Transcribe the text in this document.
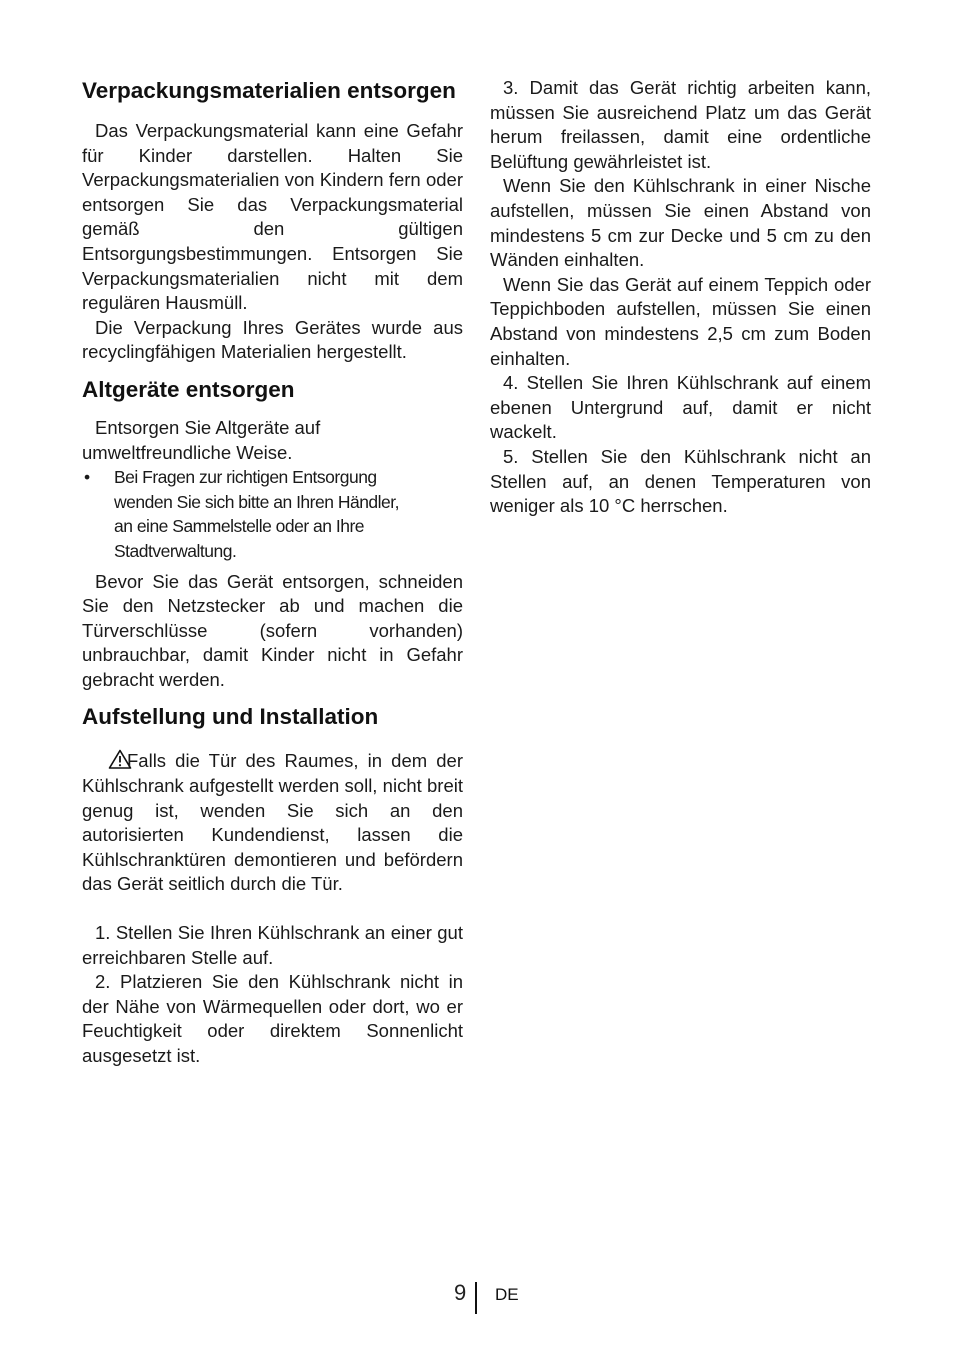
Verpackungsmaterialien entsorgen

Das Verpackungsmaterial kann eine Gefahr für Kinder darstellen. Halten Sie Verpackungsmaterialien von Kindern fern oder entsorgen Sie das Verpackungsmaterial gemäß den gültigen Entsorgungsbestimmungen. Entsorgen Sie Verpackungsmaterialien nicht mit dem regulären Hausmüll.

Die Verpackung Ihres Gerätes wurde aus recyclingfähigen Materialien hergestellt.

Altgeräte entsorgen

Entsorgen Sie Altgeräte auf
umweltfreundliche Weise.

• Bei Fragen zur richtigen Entsorgung
wenden Sie sich bitte an Ihren Händler,
an eine Sammelstelle oder an Ihre
Stadtverwaltung.

Bevor Sie das Gerät entsorgen, schneiden Sie den Netzstecker ab und machen die Türverschlüsse (sofern vorhanden) unbrauchbar, damit Kinder nicht in Gefahr gebracht werden.

Aufstellung und Installation

Falls die Tür des Raumes, in dem der Kühlschrank aufgestellt werden soll, nicht breit genug ist, wenden Sie sich an den autorisierten Kundendienst, lassen die Kühlschranktüren demontieren und befördern das Gerät seitlich durch die Tür.

1. Stellen Sie Ihren Kühlschrank an einer gut erreichbaren Stelle auf.

2. Platzieren Sie den Kühlschrank nicht in der Nähe von Wärmequellen oder dort, wo er Feuchtigkeit oder direktem Sonnenlicht ausgesetzt ist.

3. Damit das Gerät richtig arbeiten kann, müssen Sie ausreichend Platz um das Gerät herum freilassen, damit eine ordentliche Belüftung gewährleistet ist.

Wenn Sie den Kühlschrank in einer Nische aufstellen, müssen Sie einen Abstand von mindestens 5 cm zur Decke und 5 cm zu den Wänden einhalten.

Wenn Sie das Gerät auf einem Teppich oder Teppichboden aufstellen, müssen Sie einen Abstand von mindestens 2,5 cm zum Boden einhalten.

4. Stellen Sie Ihren Kühlschrank auf einem ebenen Untergrund auf, damit er nicht wackelt.

5. Stellen Sie den Kühlschrank nicht an Stellen auf, an denen Temperaturen von weniger als 10 °C herrschen.

9 DE
